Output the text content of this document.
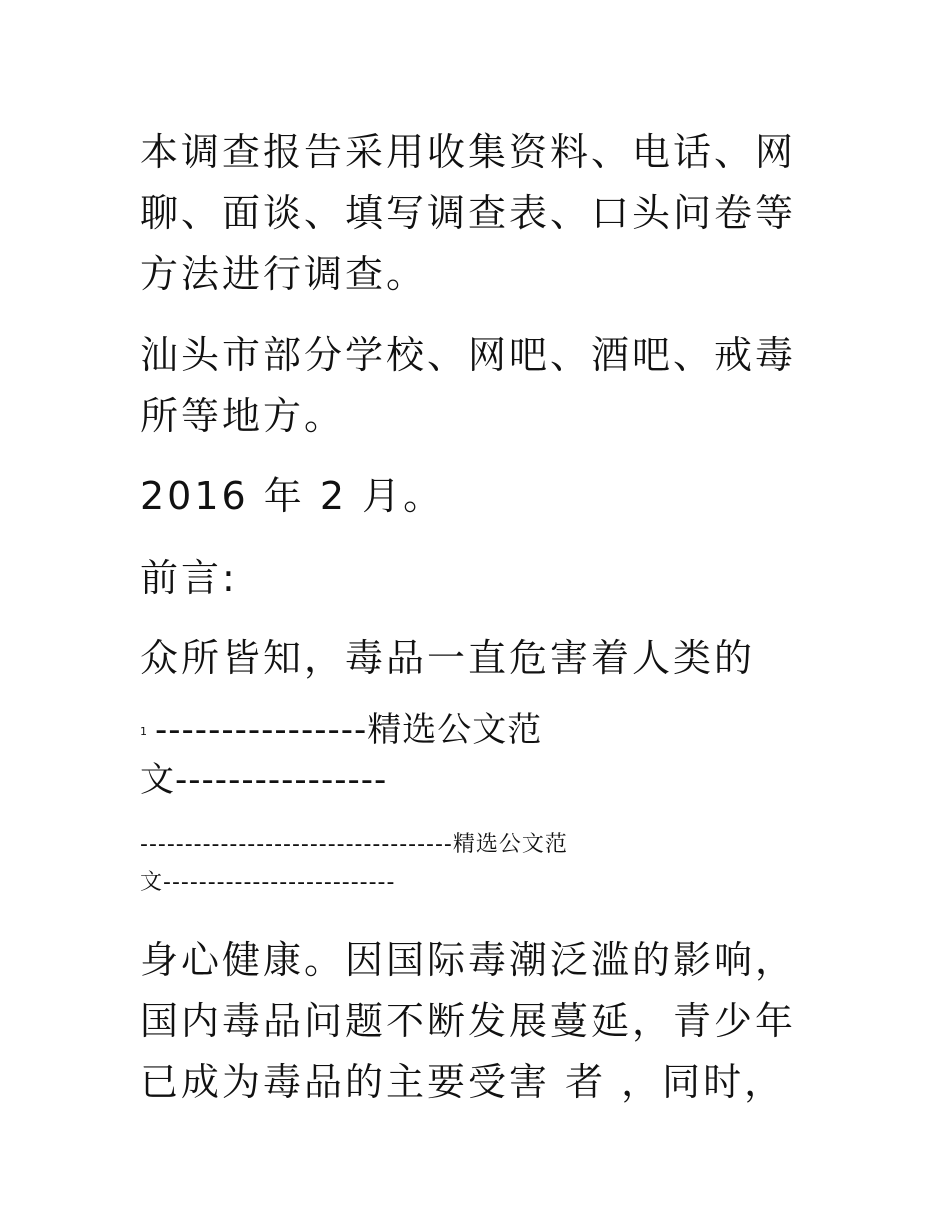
本调查报告采用收集资料、电话、网
聊、面谈、填写调查表、口头问卷等
方法进行调查。
汕头市部分学校、网吧、酒吧、戒毒
所等地方。
2016 年 2 月。
前言:
众所皆知，毒品一直危害着人类的
1 ----------------精选公文范
文----------------
-----------------------------------精选公文范
文--------------------------
身心健康。因国际毒潮泛滥的影响，
国内毒品问题不断发展蔓延，青少年
已成为毒品的主要受害 者 ，同时，
